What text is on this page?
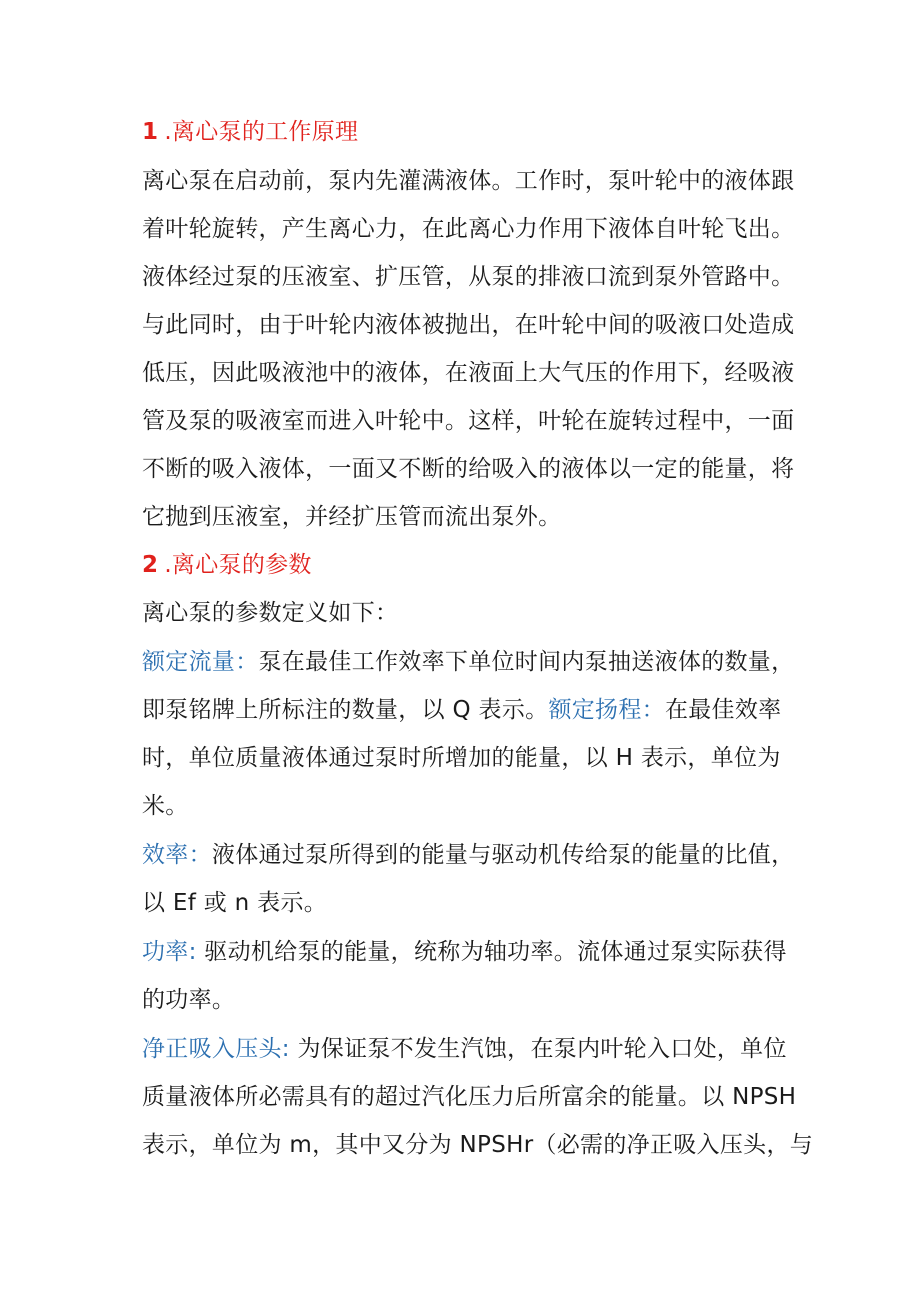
1 .离心泵的工作原理
离心泵在启动前，泵内先灌满液体。工作时，泵叶轮中的液体跟
着叶轮旋转，产生离心力，在此离心力作用下液体自叶轮飞出。
液体经过泵的压液室、扩压管，从泵的排液口流到泵外管路中。
与此同时，由于叶轮内液体被抛出，在叶轮中间的吸液口处造成
低压，因此吸液池中的液体，在液面上大气压的作用下，经吸液
管及泵的吸液室而进入叶轮中。这样，叶轮在旋转过程中，一面
不断的吸入液体，一面又不断的给吸入的液体以一定的能量，将
它抛到压液室，并经扩压管而流出泵外。
2 .离心泵的参数
离心泵的参数定义如下：
额定流量：泵在最佳工作效率下单位时间内泵抽送液体的数量，
即泵铭牌上所标注的数量，以 Q 表示。额定扬程：在最佳效率
时，单位质量液体通过泵时所增加的能量，以 H 表示，单位为
米。
效率：液体通过泵所得到的能量与驱动机传给泵的能量的比值，
以 Ef 或 n 表示。
功率: 驱动机给泵的能量，统称为轴功率。流体通过泵实际获得
的功率。
净正吸入压头: 为保证泵不发生汽蚀，在泵内叶轮入口处，单位
质量液体所必需具有的超过汽化压力后所富余的能量。以 NPSH
表示，单位为 m，其中又分为 NPSHr（必需的净正吸入压头，与
